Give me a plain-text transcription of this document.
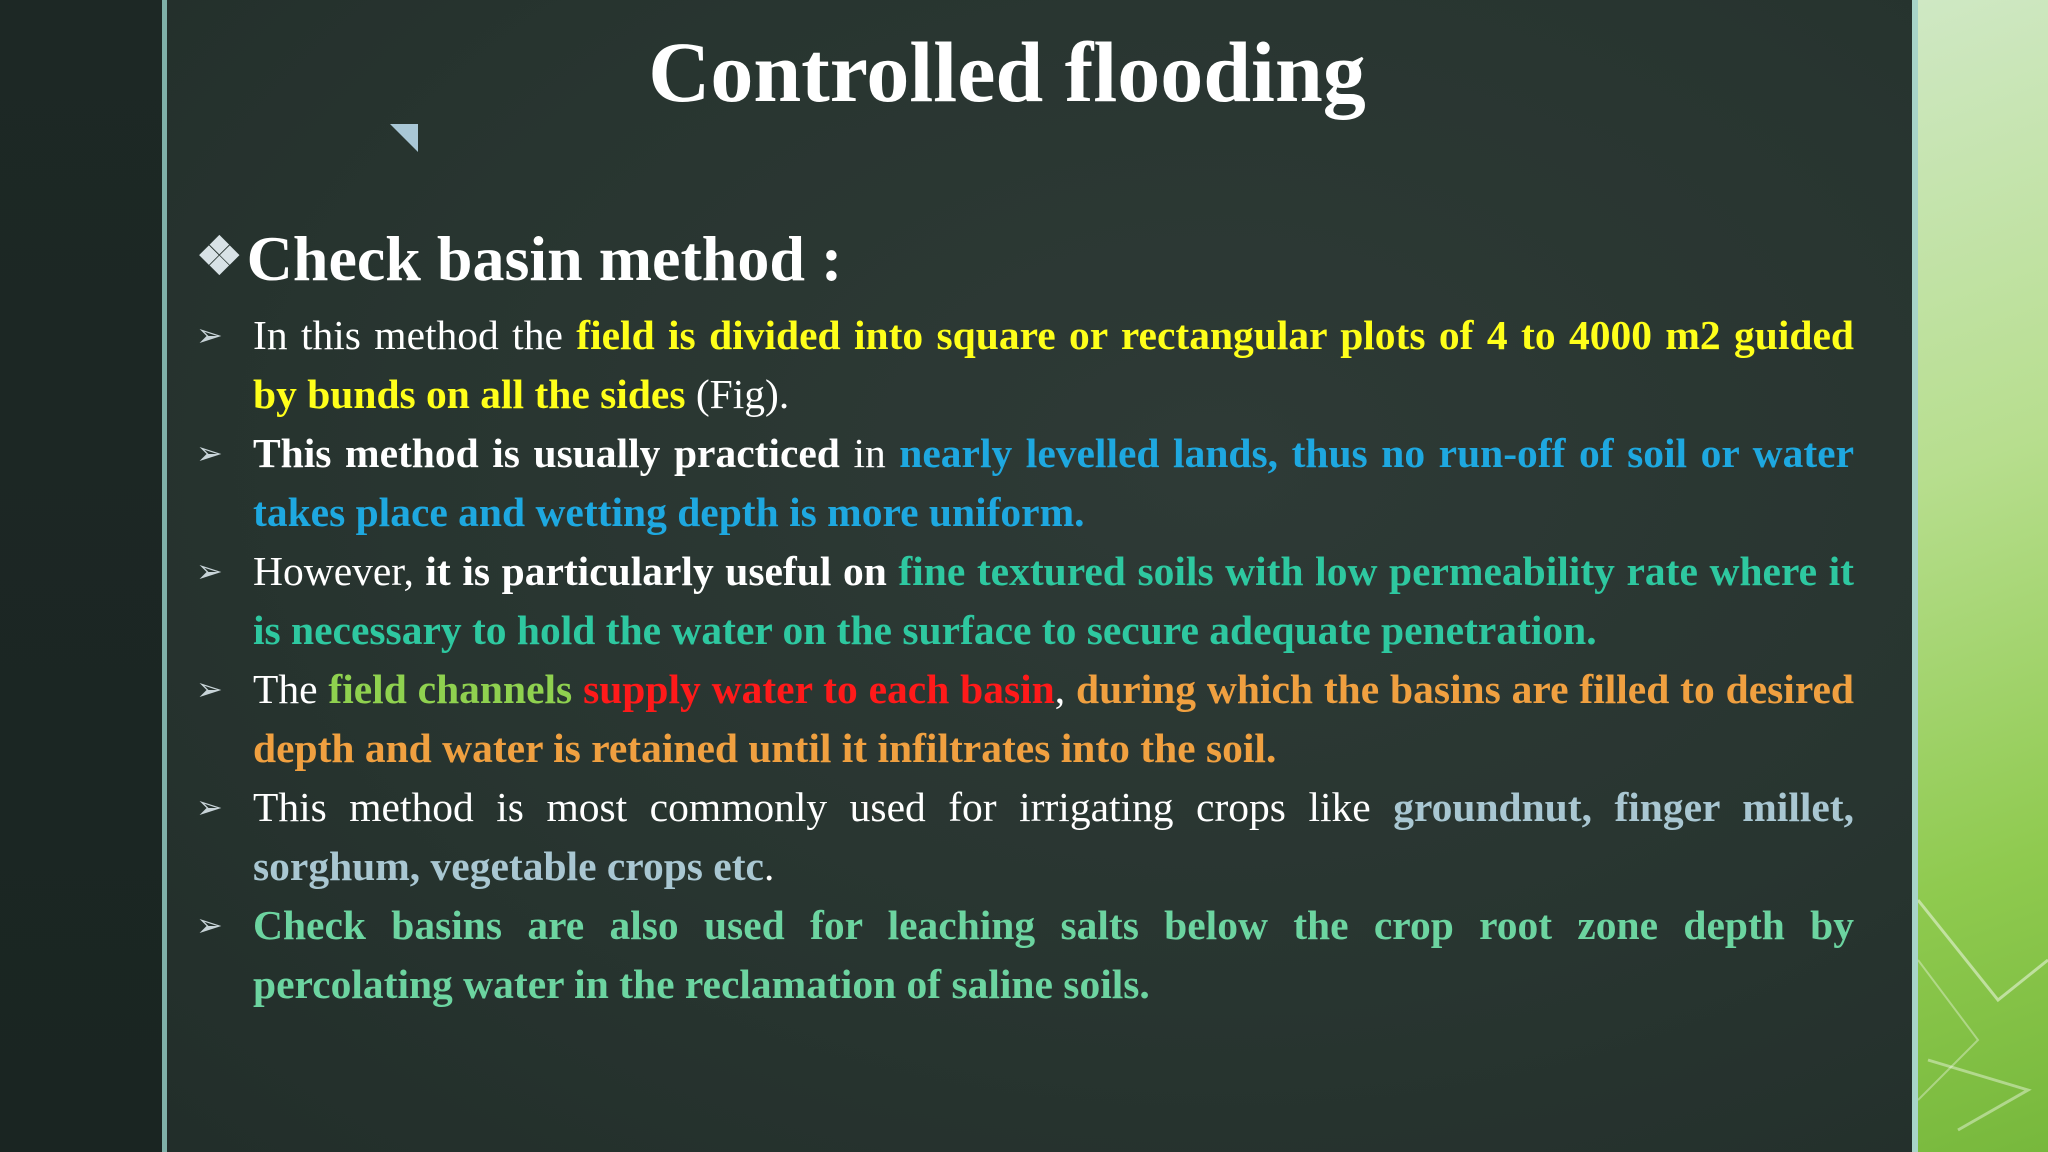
Controlled flooding
❖Check basin method :
➢ In this method the field is divided into square or rectangular plots of 4 to 4000 m2 guided by bunds on all the sides (Fig).
➢ This method is usually practiced in nearly levelled lands, thus no run-off of soil or water takes place and wetting depth is more uniform.
➢ However, it is particularly useful on fine textured soils with low permeability rate where it is necessary to hold the water on the surface to secure adequate penetration.
➢ The field channels supply water to each basin, during which the basins are filled to desired depth and water is retained until it infiltrates into the soil.
➢ This method is most commonly used for irrigating crops like groundnut, finger millet, sorghum, vegetable crops etc.
➢ Check basins are also used for leaching salts below the crop root zone depth by percolating water in the reclamation of saline soils.
